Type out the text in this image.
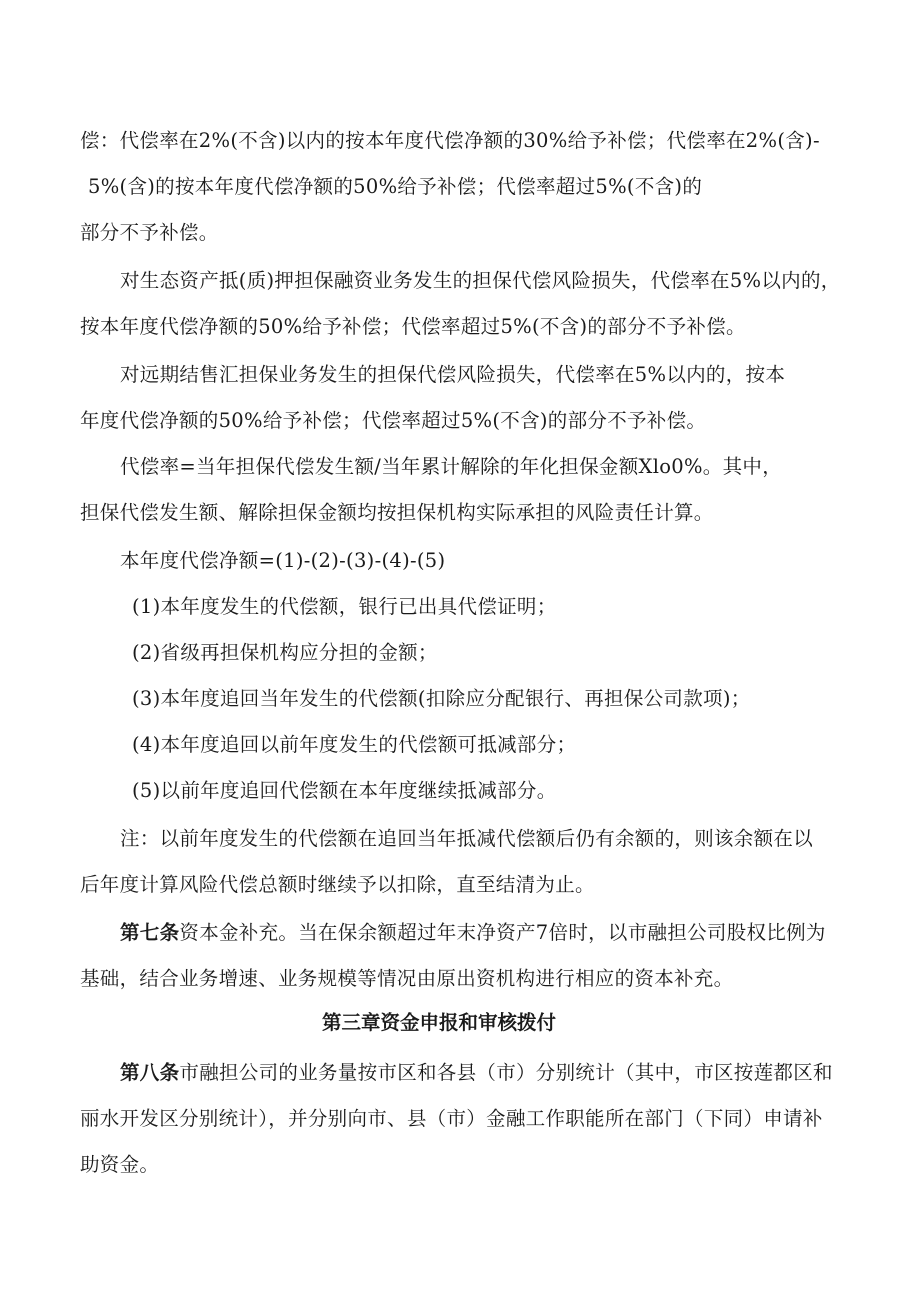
偿：代偿率在2%(不含)以内的按本年度代偿净额的30%给予补偿；代偿率在2%(含)-
5%(含)的按本年度代偿净额的50%给予补偿；代偿率超过5%(不含)的
部分不予补偿。
对生态资产抵(质)押担保融资业务发生的担保代偿风险损失，代偿率在5%以内的，
按本年度代偿净额的50%给予补偿；代偿率超过5%(不含)的部分不予补偿。
对远期结售汇担保业务发生的担保代偿风险损失，代偿率在5%以内的，按本
年度代偿净额的50%给予补偿；代偿率超过5%(不含)的部分不予补偿。
代偿率=当年担保代偿发生额/当年累计解除的年化担保金额Xlo0%。其中，
担保代偿发生额、解除担保金额均按担保机构实际承担的风险责任计算。
本年度代偿净额=(1)-(2)-(3)-(4)-(5)
(1)本年度发生的代偿额，银行已出具代偿证明；
(2)省级再担保机构应分担的金额；
(3)本年度追回当年发生的代偿额(扣除应分配银行、再担保公司款项)；
(4)本年度追回以前年度发生的代偿额可抵减部分；
(5)以前年度追回代偿额在本年度继续抵减部分。
注：以前年度发生的代偿额在追回当年抵减代偿额后仍有余额的，则该余额在以
后年度计算风险代偿总额时继续予以扣除，直至结清为止。
第七条资本金补充。当在保余额超过年末净资产7倍时，以市融担公司股权比例为
基础，结合业务增速、业务规模等情况由原出资机构进行相应的资本补充。
第三章资金申报和审核拨付
第八条市融担公司的业务量按市区和各县（市）分别统计（其中，市区按莲都区和
丽水开发区分别统计），并分别向市、县（市）金融工作职能所在部门（下同）申请补
助资金。
